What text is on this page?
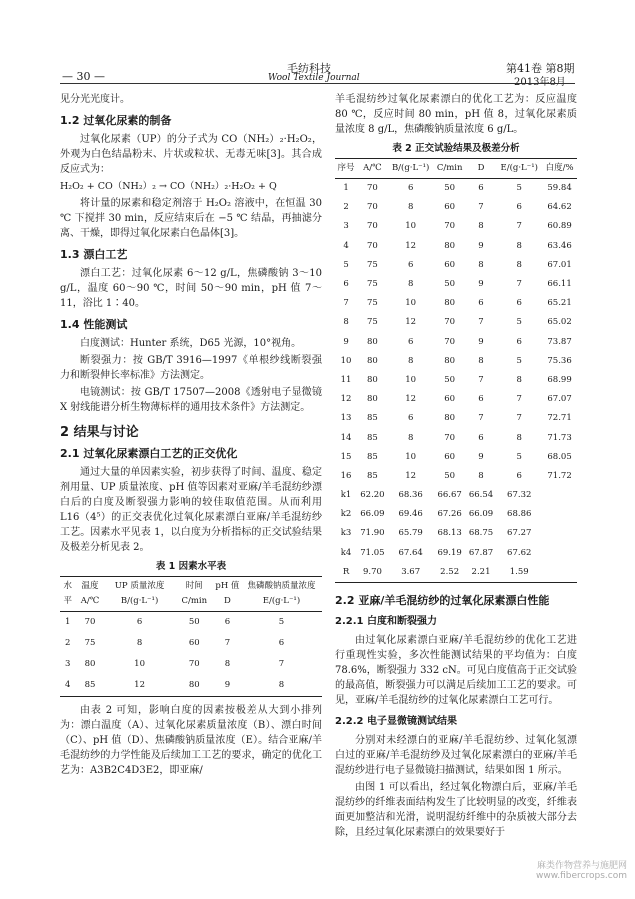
毛纺科技
— 30 —	Wool Textile Journal
第41卷 第8期
2013年8月

见分光光度计。

1.2 过氧化尿素的制备

过氧化尿素（UP）的分子式为 CO（NH₂）₂·H₂O₂，外观为白色结晶粉末、片状或粒状、无毒无味[3]。其合成反应式为：

H₂O₂ + CO（NH₂）₂ → CO（NH₂）₂·H₂O₂ + Q

将计量的尿素和稳定剂溶于 H₂O₂ 溶液中，在恒温 30 ℃ 下搅拌 30 min，反应结束后在 −5 ℃ 结晶，再抽滤分离、干燥，即得过氧化尿素白色晶体[3]。

1.3 漂白工艺

漂白工艺：过氧化尿素 6～12 g/L，焦磷酸钠 3～10 g/L，温度 60～90 ℃，时间 50～90 min，pH 值 7～11，浴比 1∶40。

1.4 性能测试

白度测试：Hunter 系统，D65 光源，10°视角。

断裂强力：按 GB/T 3916—1997《单根纱线断裂强力和断裂伸长率标准》方法测定。

电镜测试：按 GB/T 17507—2008《透射电子显微镜 X 射线能谱分析生物薄标样的通用技术条件》方法测定。

2 结果与讨论
2.1 过氧化尿素漂白工艺的正交优化

通过大量的单因素实验，初步获得了时间、温度、稳定剂用量、UP 质量浓度、pH 值等因素对亚麻/羊毛混纺纱漂白后的白度及断裂强力影响的较佳取值范围。从而利用 L16（4⁵）的正交表优化过氧化尿素漂白亚麻/羊毛混纺纱工艺。因素水平见表 1，以白度为分析指标的正交试验结果及极差分析见表 2。

表 1 因素水平表
水平	温度 A/℃	UP 质量浓度 B/(g·L⁻¹)	时间 C/min	pH 值 D	焦磷酸钠质量浓度 E/(g·L⁻¹)
1	70	6	50	6	5
2	75	8	60	7	6
3	80	10	70	8	7
4	85	12	80	9	8

由表 2 可知，影响白度的因素按极差从大到小排列为：漂白温度（A）、过氧化尿素质量浓度（B）、漂白时间（C）、pH 值（D）、焦磷酸钠质量浓度（E）。结合亚麻/羊毛混纺纱的力学性能及后续加工工艺的要求，确定的优化工艺为：A3B2C4D3E2，即亚麻/

羊毛混纺纱过氧化尿素漂白的优化工艺为：反应温度 80 ℃，反应时间 80 min，pH 值 8，过氧化尿素质量浓度 8 g/L，焦磷酸钠质量浓度 6 g/L。

表 2 正交试验结果及极差分析
序号	A/℃	B/(g·L⁻¹)	C/min	D	E/(g·L⁻¹)	白度/%
1	70	6	50	6	5	59.84
2	70	8	60	7	6	64.62
3	70	10	70	8	7	60.89
4	70	12	80	9	8	63.46
5	75	6	60	8	8	67.01
6	75	8	50	9	7	66.11
7	75	10	80	6	6	65.21
8	75	12	70	7	5	65.02
9	80	6	70	9	6	73.87
10	80	8	80	8	5	75.36
11	80	10	50	7	8	68.99
12	80	12	60	6	7	67.07
13	85	6	80	7	7	72.71
14	85	8	70	6	8	71.73
15	85	10	60	9	5	68.05
16	85	12	50	8	6	71.72
k1	62.20	68.36	66.67	66.54	67.32	
k2	66.09	69.46	67.26	66.09	68.86	
k3	71.90	65.79	68.13	68.75	67.27	
k4	71.05	67.64	69.19	67.87	67.62	
R	9.70	3.67	2.52	2.21	1.59	
2.2 亚麻/羊毛混纺纱的过氧化尿素漂白性能
2.2.1 白度和断裂强力

由过氧化尿素漂白亚麻/羊毛混纺纱的优化工艺进行重现性实验，多次性能测试结果的平均值为：白度 78.6%，断裂强力 332 cN。可见白度值高于正交试验的最高值，断裂强力可以满足后续加工工艺的要求。可见，亚麻/羊毛混纺纱的过氧化尿素漂白工艺可行。

2.2.2 电子显微镜测试结果

分别对未经漂白的亚麻/羊毛混纺纱、过氧化氢漂白过的亚麻/羊毛混纺纱及过氧化尿素漂白的亚麻/羊毛混纺纱进行电子显微镜扫描测试，结果如图 1 所示。

由图 1 可以看出，经过氧化物漂白后，亚麻/羊毛混纺纱的纤维表面结构发生了比较明显的改变，纤维表面更加整洁和光滑，说明混纺纤维中的杂质被大部分去除，且经过氧化尿素漂白的效果要好于

麻类作物营养与施肥网
www.fibercrops.com
